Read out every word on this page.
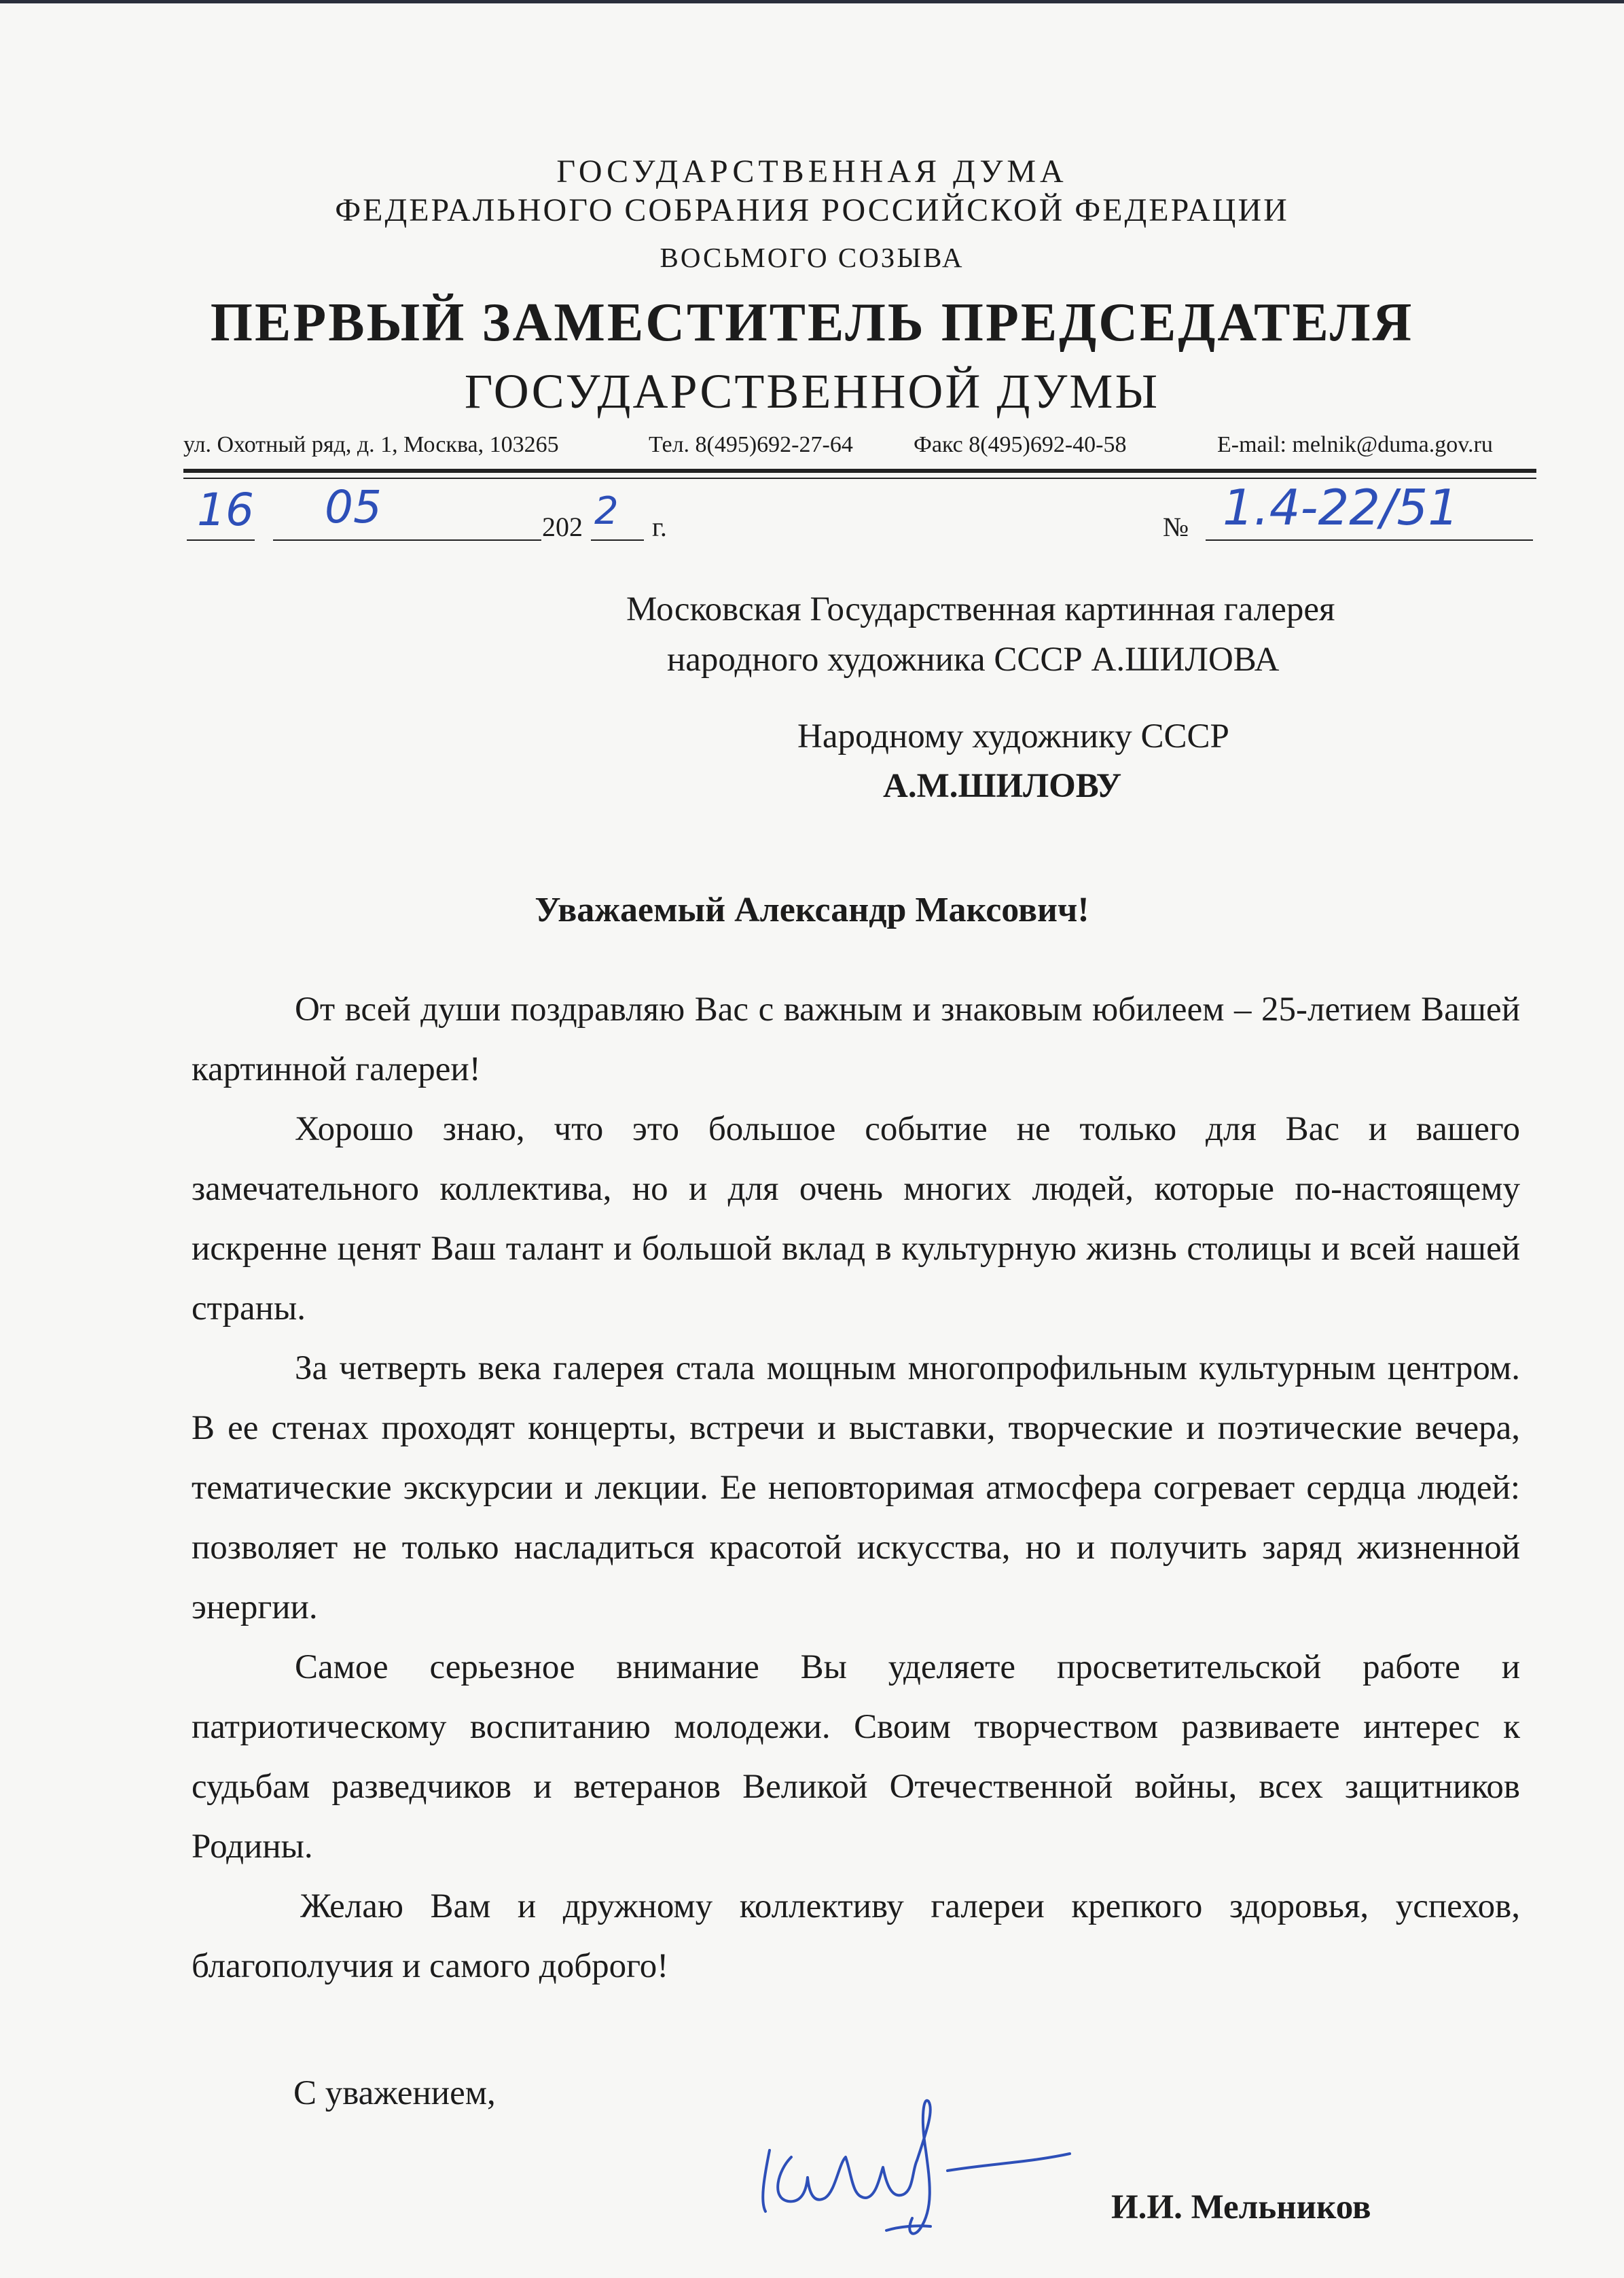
ГОСУДАРСТВЕННАЯ ДУМА
ФЕДЕРАЛЬНОГО СОБРАНИЯ РОССИЙСКОЙ ФЕДЕРАЦИИ
ВОСЬМОГО СОЗЫВА
ПЕРВЫЙ ЗАМЕСТИТЕЛЬ ПРЕДСЕДАТЕЛЯ
ГОСУДАРСТВЕННОЙ ДУМЫ
ул. Охотный ряд, д. 1, Москва, 103265	Тел. 8(495)692-27-64	Факс 8(495)692-40-58	E-mail: melnik@duma.gov.ru
16 05	202 2 г.	№ 1.4-22/51
Московская Государственная картинная галерея
народного художника СССР А.ШИЛОВА
Народному художнику СССР
А.М.ШИЛОВУ
Уважаемый Александр Максович!

От всей души поздравляю Вас с важным и знаковым юбилеем – 25-летием Вашей картинной галереи!

Хорошо знаю, что это большое событие не только для Вас и вашего замечательного коллектива, но и для очень многих людей, которые по-настоящему искренне ценят Ваш талант и большой вклад в культурную жизнь столицы и всей нашей страны.

За четверть века галерея стала мощным многопрофильным культурным центром. В ее стенах проходят концерты, встречи и выставки, творческие и поэтические вечера, тематические экскурсии и лекции. Ее неповторимая атмосфера согревает сердца людей: позволяет не только насладиться красотой искусства, но и получить заряд жизненной энергии.

Самое серьезное внимание Вы уделяете просветительской работе и патриотическому воспитанию молодежи. Своим творчеством развиваете интерес к судьбам разведчиков и ветеранов Великой Отечественной войны, всех защитников Родины.

Желаю Вам и дружному коллективу галереи крепкого здоровья, успехов, благополучия и самого доброго!

С уважением,
И.И. Мельников
